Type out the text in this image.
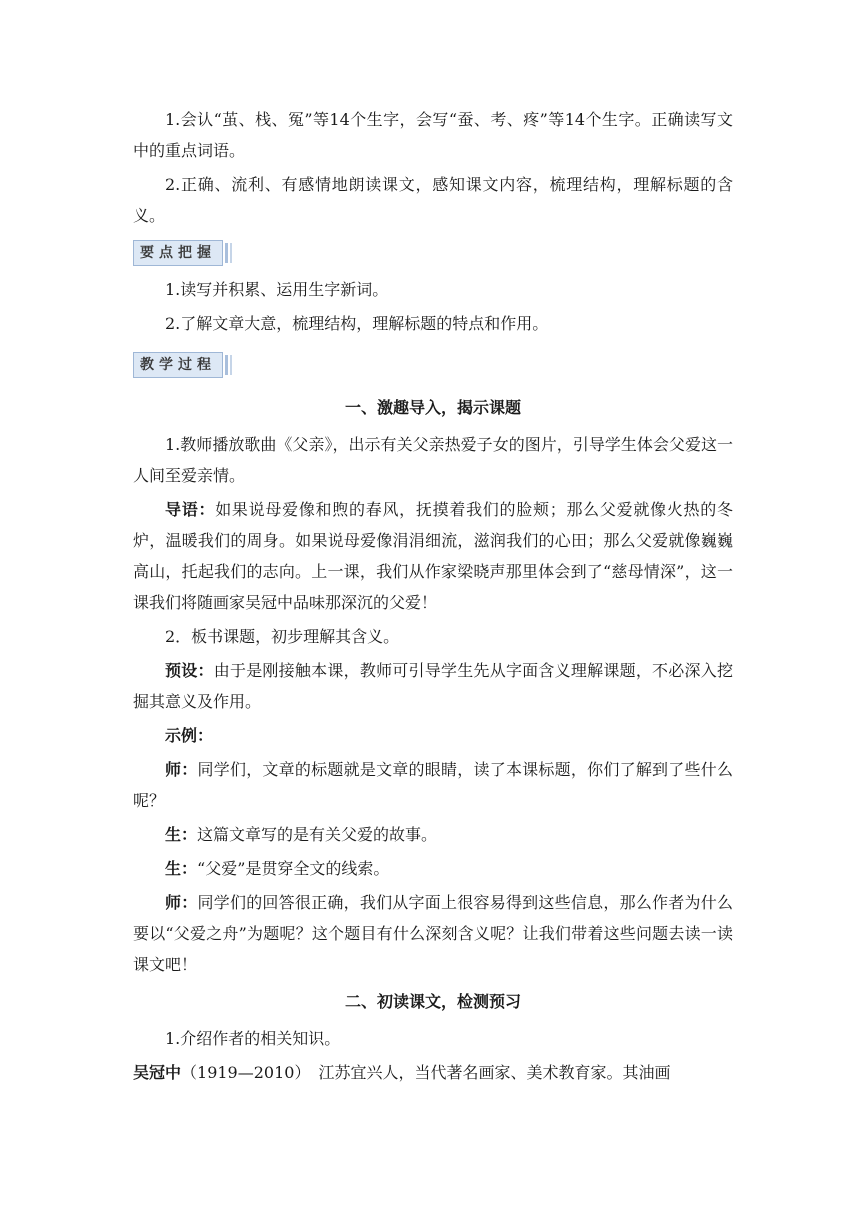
1.会认“茧、栈、冤”等14个生字，会写“蚕、考、疼”等14个生字。正确读写文中的重点词语。

2.正确、流利、有感情地朗读课文，感知课文内容，梳理结构，理解标题的含义。

要点把握

1.读写并积累、运用生字新词。

2.了解文章大意，梳理结构，理解标题的特点和作用。

教学过程
一、激趣导入，揭示课题

1.教师播放歌曲《父亲》，出示有关父亲热爱子女的图片，引导学生体会父爱这一人间至爱亲情。

导语：如果说母爱像和煦的春风，抚摸着我们的脸颊；那么父爱就像火热的冬炉，温暖我们的周身。如果说母爱像涓涓细流，滋润我们的心田；那么父爱就像巍巍高山，托起我们的志向。上一课，我们从作家梁晓声那里体会到了“慈母情深”，这一课我们将随画家吴冠中品味那深沉的父爱！

2．板书课题，初步理解其含义。

预设：由于是刚接触本课，教师可引导学生先从字面含义理解课题，不必深入挖掘其意义及作用。

示例：

师：同学们，文章的标题就是文章的眼睛，读了本课标题，你们了解到了些什么呢？

生：这篇文章写的是有关父爱的故事。

生：“父爱”是贯穿全文的线索。

师：同学们的回答很正确，我们从字面上很容易得到这些信息，那么作者为什么要以“父爱之舟”为题呢？这个题目有什么深刻含义呢？让我们带着这些问题去读一读课文吧！

二、初读课文，检测预习

1.介绍作者的相关知识。

吴冠中（1919—2010）　江苏宜兴人，当代著名画家、美术教育家。其油画
